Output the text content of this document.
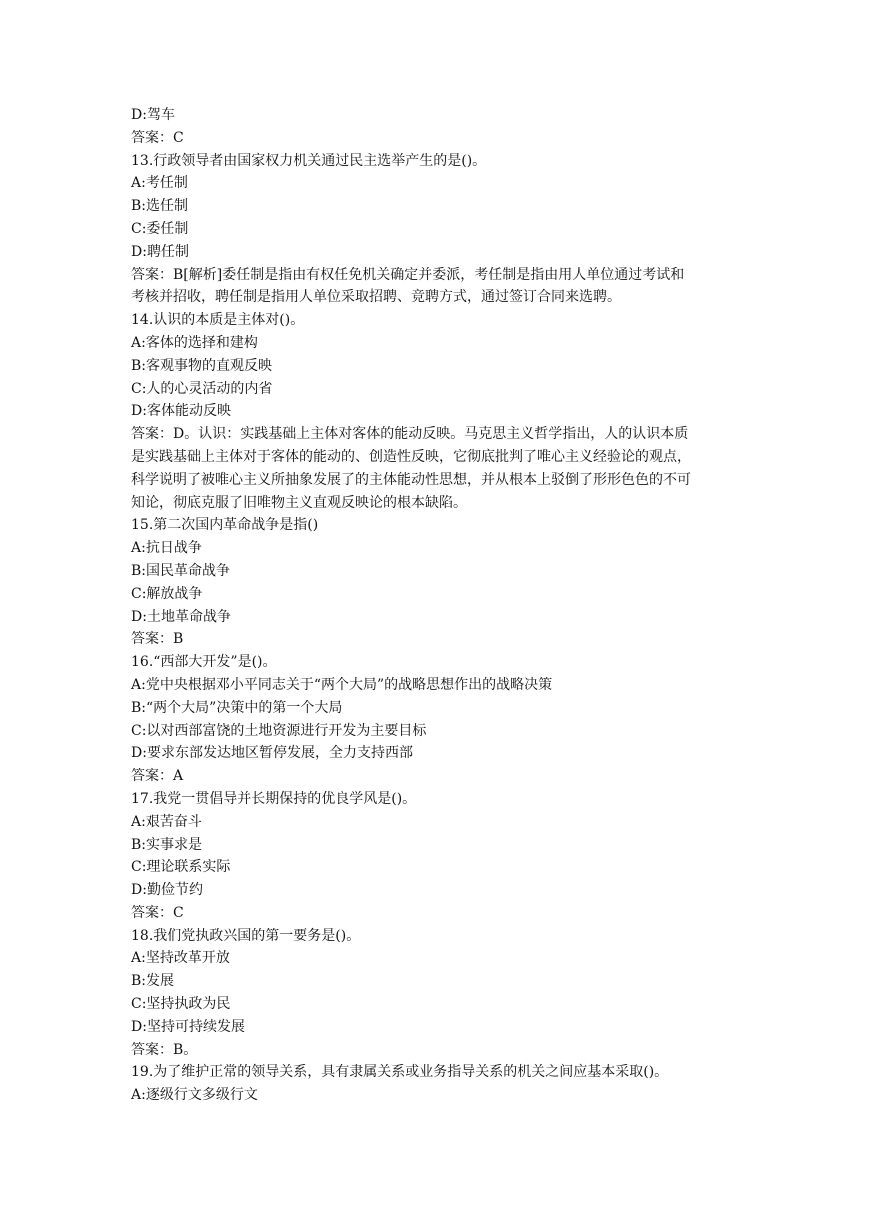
D:驾车
答案：C
13.行政领导者由国家权力机关通过民主选举产生的是()。
A:考任制
B:选任制
C:委任制
D:聘任制
答案：B[解析]委任制是指由有权任免机关确定并委派，考任制是指由用人单位通过考试和
考核并招收，聘任制是指用人单位采取招聘、竞聘方式，通过签订合同来选聘。
14.认识的本质是主体对()。
A:客体的选择和建构
B:客观事物的直观反映
C:人的心灵活动的内省
D:客体能动反映
答案：D。认识：实践基础上主体对客体的能动反映。马克思主义哲学指出，人的认识本质
是实践基础上主体对于客体的能动的、创造性反映，它彻底批判了唯心主义经验论的观点，
科学说明了被唯心主义所抽象发展了的主体能动性思想，并从根本上驳倒了形形色色的不可
知论，彻底克服了旧唯物主义直观反映论的根本缺陷。
15.第二次国内革命战争是指()
A:抗日战争
B:国民革命战争
C:解放战争
D:土地革命战争
答案：B
16.“西部大开发”是()。
A:党中央根据邓小平同志关于“两个大局”的战略思想作出的战略决策
B:“两个大局”决策中的第一个大局
C:以对西部富饶的土地资源进行开发为主要目标
D:要求东部发达地区暂停发展，全力支持西部
答案：A
17.我党一贯倡导并长期保持的优良学风是()。
A:艰苦奋斗
B:实事求是
C:理论联系实际
D:勤俭节约
答案：C
18.我们党执政兴国的第一要务是()。
A:坚持改革开放
B:发展
C:坚持执政为民
D:坚持可持续发展
答案：B。
19.为了维护正常的领导关系，具有隶属关系或业务指导关系的机关之间应基本采取()。
A:逐级行文多级行文
